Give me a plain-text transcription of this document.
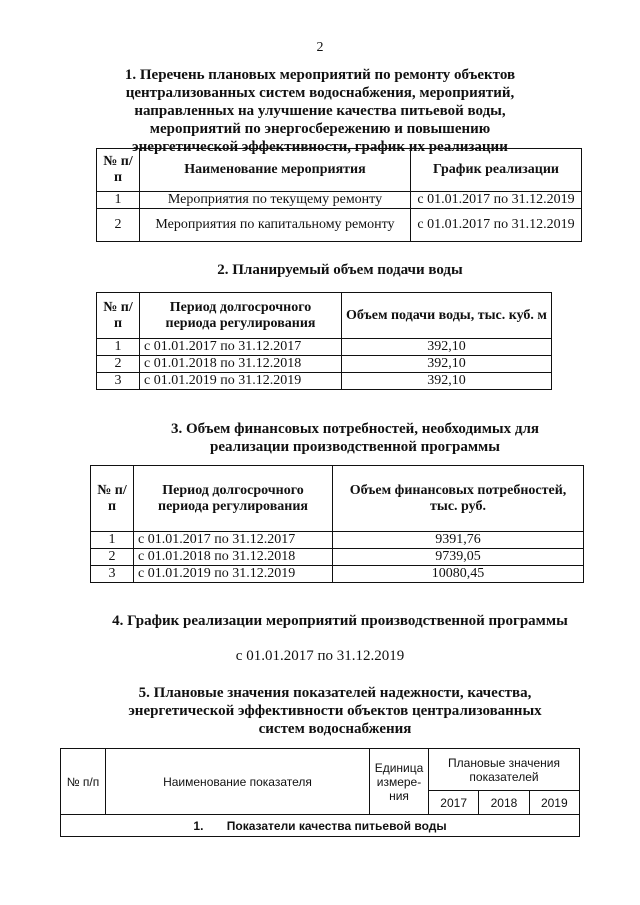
2
1. Перечень плановых мероприятий по ремонту объектов централизованных систем водоснабжения, мероприятий, направленных на улучшение качества питьевой воды, мероприятий по энергосбережению и повышению энергетической эффективности, график их реализации
№ п/п	Наименование мероприятия	График реализации
1	Мероприятия по текущему ремонту	с 01.01.2017 по 31.12.2019
2	Мероприятия по капитальному ремонту	с 01.01.2017 по 31.12.2019
2. Планируемый объем подачи воды
№ п/п	Период долгосрочного периода регулирования	Объем подачи воды, тыс. куб. м
1	с 01.01.2017 по 31.12.2017	392,10
2	с 01.01.2018 по 31.12.2018	392,10
3	с 01.01.2019 по 31.12.2019	392,10
3. Объем финансовых потребностей, необходимых для реализации производственной программы
№ п/п	Период долгосрочного периода регулирования	Объем финансовых потребностей, тыс. руб.
1	с 01.01.2017 по 31.12.2017	9391,76
2	с 01.01.2018 по 31.12.2018	9739,05
3	с 01.01.2019 по 31.12.2019	10080,45
4. График реализации мероприятий производственной программы
с 01.01.2017 по 31.12.2019
5. Плановые значения показателей надежности, качества, энергетической эффективности объектов централизованных систем водоснабжения
№ п/п	Наименование показателя	Единица измере- ния	Плановые значения показателей		
			2017	2018	2019
1. Показатели качества питьевой воды					
